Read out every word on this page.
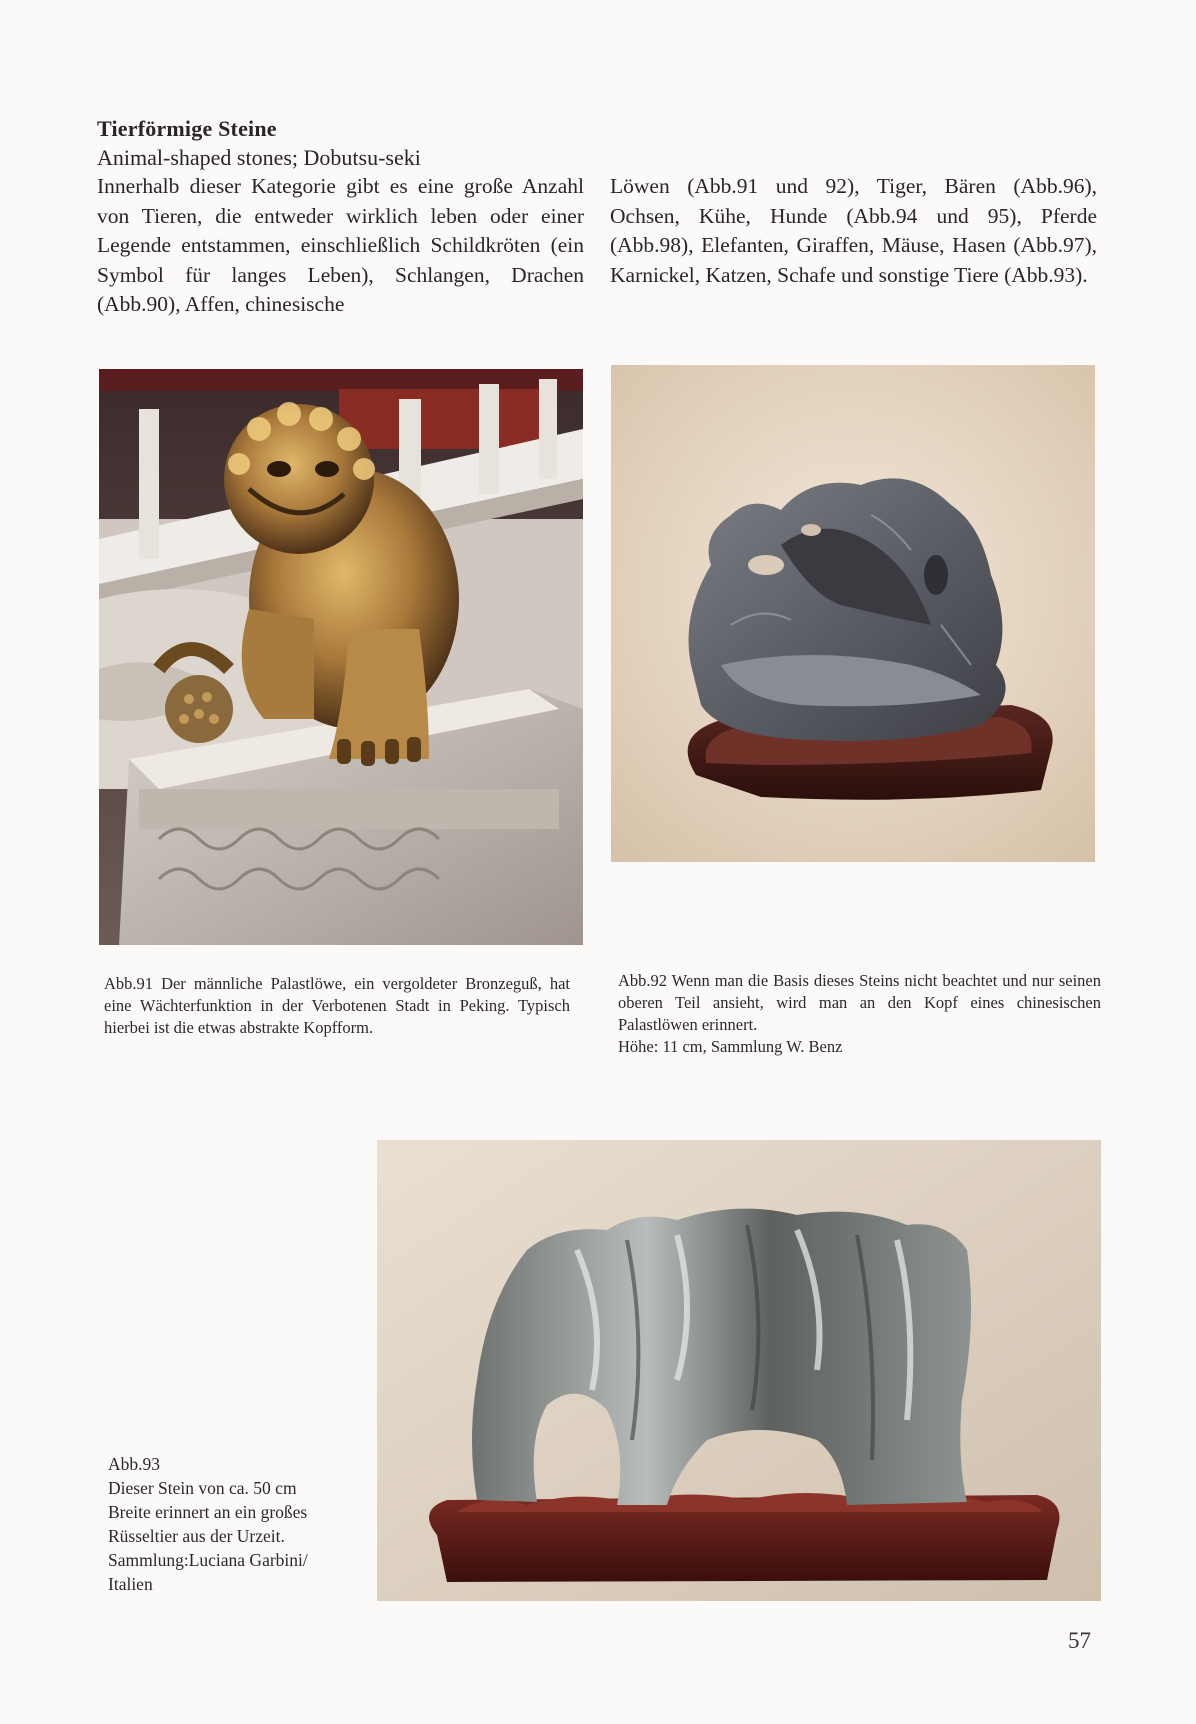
Tierförmige Steine
Animal-shaped stones; Dobutsu-seki

Innerhalb dieser Kategorie gibt es eine große Anzahl von Tieren, die entweder wirklich leben oder einer Legende entstammen, einschließlich Schildkröten (ein Symbol für langes Leben), Schlangen, Drachen (Abb.90), Affen, chinesische

Löwen (Abb.91 und 92), Tiger, Bären (Abb.96), Ochsen, Kühe, Hunde (Abb.94 und 95), Pferde (Abb.98), Elefanten, Giraffen, Mäuse, Hasen (Abb.97), Karnickel, Katzen, Schafe und sonstige Tiere (Abb.93).

Abb.91 Der männliche Palastlöwe, ein vergoldeter Bronzeguß, hat eine Wächterfunktion in der Verbotenen Stadt in Peking. Typisch hierbei ist die etwas abstrakte Kopfform.

Abb.92 Wenn man die Basis dieses Steins nicht beachtet und nur seinen oberen Teil ansieht, wird man an den Kopf eines chinesischen Palastlöwen erinnert.
Höhe: 11 cm, Sammlung W. Benz
Abb.93
Dieser Stein von ca. 50 cm
Breite erinnert an ein großes
Rüsseltier aus der Urzeit.
Sammlung:Luciana Garbini/
Italien
57
